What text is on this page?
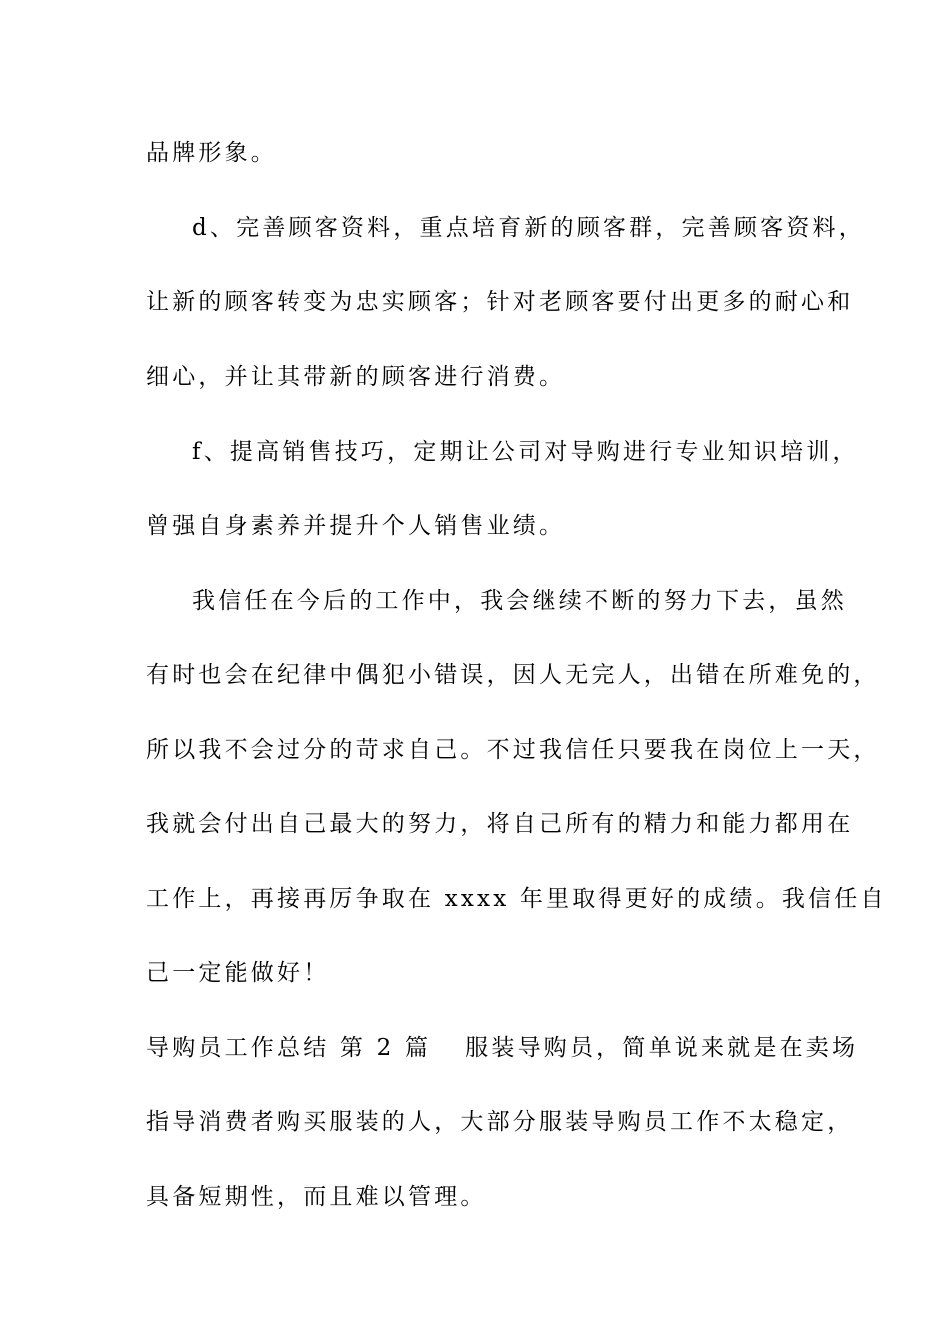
品牌形象。
d、完善顾客资料，重点培育新的顾客群，完善顾客资料，
让新的顾客转变为忠实顾客；针对老顾客要付出更多的耐心和
细心，并让其带新的顾客进行消费。
f、提高销售技巧，定期让公司对导购进行专业知识培训，
曾强自身素养并提升个人销售业绩。
我信任在今后的工作中，我会继续不断的努力下去，虽然
有时也会在纪律中偶犯小错误，因人无完人，出错在所难免的，
所以我不会过分的苛求自己。不过我信任只要我在岗位上一天，
我就会付出自己最大的努力，将自己所有的精力和能力都用在
工作上，再接再厉争取在 xxxx 年里取得更好的成绩。我信任自
己一定能做好！
导购员工作总结 第 2 篇 服装导购员，简单说来就是在卖场
指导消费者购买服装的人，大部分服装导购员工作不太稳定，
具备短期性，而且难以管理。
